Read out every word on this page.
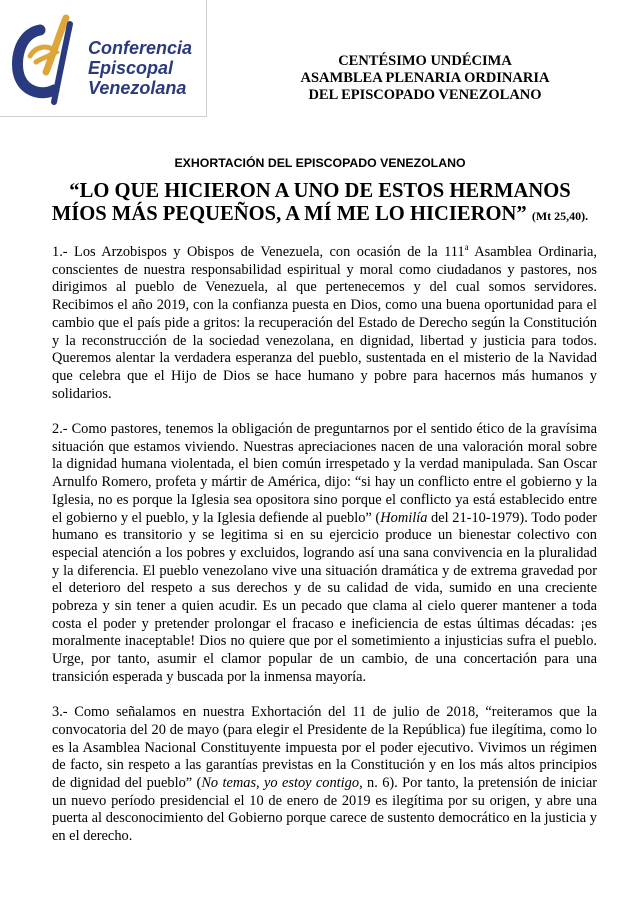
Conferencia
Episcopal
Venezolana
CENTÉSIMO UNDÉCIMA
ASAMBLEA PLENARIA ORDINARIA
DEL EPISCOPADO VENEZOLANO
EXHORTACIÓN DEL EPISCOPADO VENEZOLANO
“LO QUE HICIERON A UNO DE ESTOS HERMANOS
MÍOS MÁS PEQUEÑOS, A MÍ ME LO HICIERON” (Mt 25,40).

1.- Los Arzobispos y Obispos de Venezuela, con ocasión de la 111$^a$ Asamblea Ordinaria, conscientes de nuestra responsabilidad espiritual y moral como ciudadanos y pastores, nos dirigimos al pueblo de Venezuela, al que pertenecemos y del cual somos servidores. Recibimos el año 2019, con la confianza puesta en Dios, como una buena oportunidad para el cambio que el país pide a gritos: la recuperación del Estado de Derecho según la Constitución y la reconstrucción de la sociedad venezolana, en dignidad, libertad y justicia para todos. Queremos alentar la verdadera esperanza del pueblo, sustentada en el misterio de la Navidad que celebra que el Hijo de Dios se hace humano y pobre para hacernos más humanos y solidarios.

2.- Como pastores, tenemos la obligación de preguntarnos por el sentido ético de la gravísima situación que estamos viviendo. Nuestras apreciaciones nacen de una valoración moral sobre la dignidad humana violentada, el bien común irrespetado y la verdad manipulada. San Oscar Arnulfo Romero, profeta y mártir de América, dijo: “si hay un conflicto entre el gobierno y la Iglesia, no es porque la Iglesia sea opositora sino porque el conflicto ya está establecido entre el gobierno y el pueblo, y la Iglesia defiende al pueblo” (Homilía del 21-10-1979). Todo poder humano es transitorio y se legitima si en su ejercicio produce un bienestar colectivo con especial atención a los pobres y excluidos, logrando así una sana convivencia en la pluralidad y la diferencia. El pueblo venezolano vive una situación dramática y de extrema gravedad por el deterioro del respeto a sus derechos y de su calidad de vida, sumido en una creciente pobreza y sin tener a quien acudir. Es un pecado que clama al cielo querer mantener a toda costa el poder y pretender prolongar el fracaso e ineficiencia de estas últimas décadas: ¡es moralmente inaceptable! Dios no quiere que por el sometimiento a injusticias sufra el pueblo. Urge, por tanto, asumir el clamor popular de un cambio, de una concertación para una transición esperada y buscada por la inmensa mayoría.

3.- Como señalamos en nuestra Exhortación del 11 de julio de 2018, “reiteramos que la convocatoria del 20 de mayo (para elegir el Presidente de la República) fue ilegítima, como lo es la Asamblea Nacional Constituyente impuesta por el poder ejecutivo. Vivimos un régimen de facto, sin respeto a las garantías previstas en la Constitución y en los más altos principios de dignidad del pueblo” (No temas, yo estoy contigo, n. 6). Por tanto, la pretensión de iniciar un nuevo período presidencial el 10 de enero de 2019 es ilegítima por su origen, y abre una puerta al desconocimiento del Gobierno porque carece de sustento democrático en la justicia y en el derecho.
